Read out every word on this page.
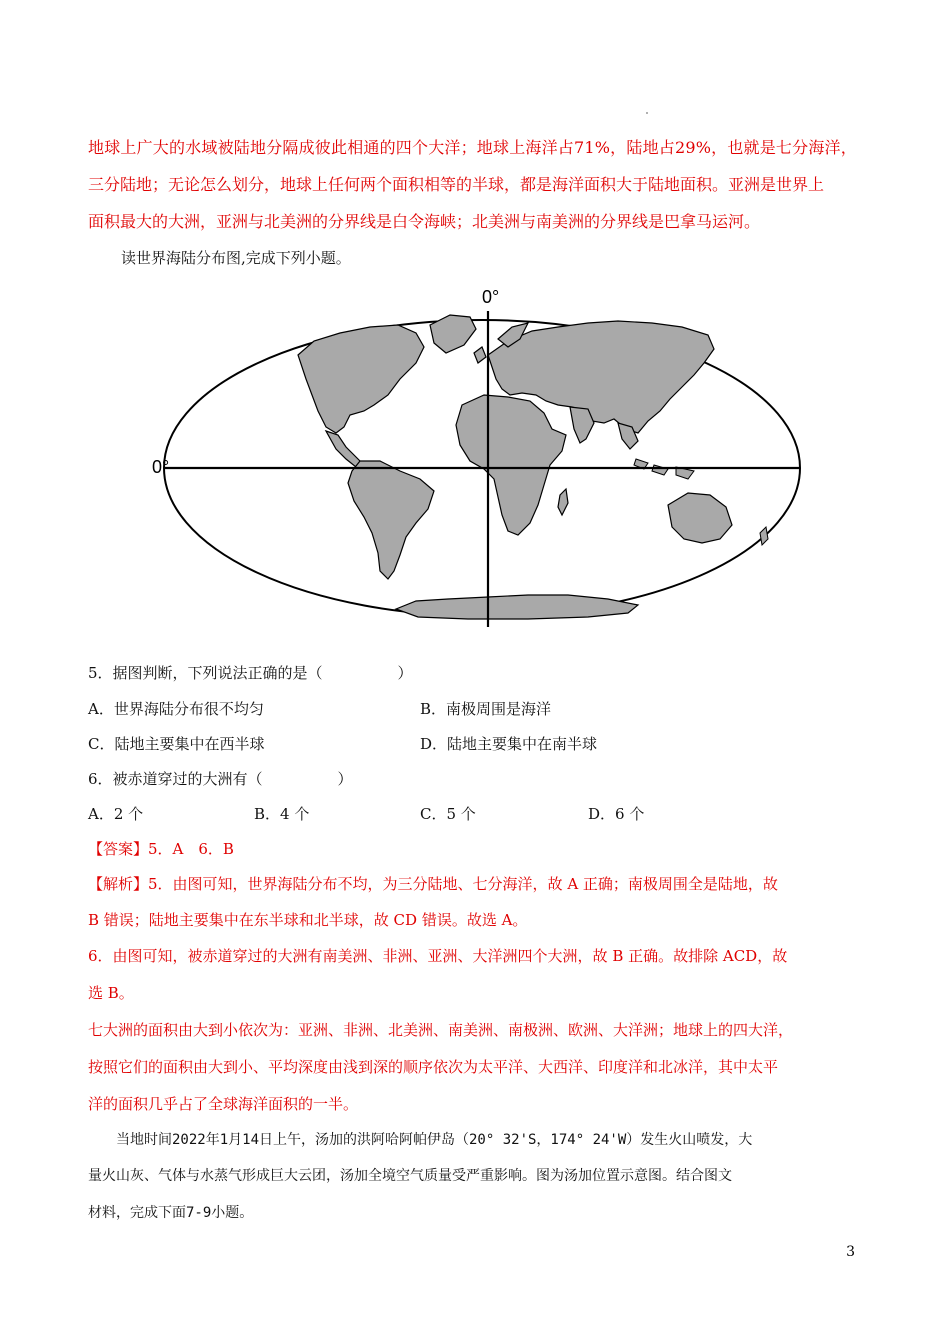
地球上广大的水域被陆地分隔成彼此相通的四个大洋；地球上海洋占71%，陆地占29%，也就是七分海洋，
三分陆地；无论怎么划分，地球上任何两个面积相等的半球，都是海洋面积大于陆地面积。亚洲是世界上
面积最大的大洲，亚洲与北美洲的分界线是白令海峡；北美洲与南美洲的分界线是巴拿马运河。
读世界海陆分布图,完成下列小题。
0°
0°
5．据图判断，下列说法正确的是（　　　　　）
A．世界海陆分布很不均匀	B．南极周围是海洋
C．陆地主要集中在西半球	D．陆地主要集中在南半球
6．被赤道穿过的大洲有（　　　　　）
A．2 个	B．4 个	C．5 个	D．6 个
【答案】5．A　6．B
【解析】5．由图可知，世界海陆分布不均，为三分陆地、七分海洋，故 A 正确；南极周围全是陆地，故
B 错误；陆地主要集中在东半球和北半球，故 CD 错误。故选 A。
6．由图可知，被赤道穿过的大洲有南美洲、非洲、亚洲、大洋洲四个大洲，故 B 正确。故排除 ACD，故
选 B。
七大洲的面积由大到小依次为：亚洲、非洲、北美洲、南美洲、南极洲、欧洲、大洋洲；地球上的四大洋，
按照它们的面积由大到小、平均深度由浅到深的顺序依次为太平洋、大西洋、印度洋和北冰洋，其中太平
洋的面积几乎占了全球海洋面积的一半。
　　当地时间2022年1月14日上午，汤加的洪阿哈阿帕伊岛（20° 32'S，174° 24'W）发生火山喷发，大
量火山灰、气体与水蒸气形成巨大云团，汤加全境空气质量受严重影响。图为汤加位置示意图。结合图文
材料，完成下面7-9小题。
3
